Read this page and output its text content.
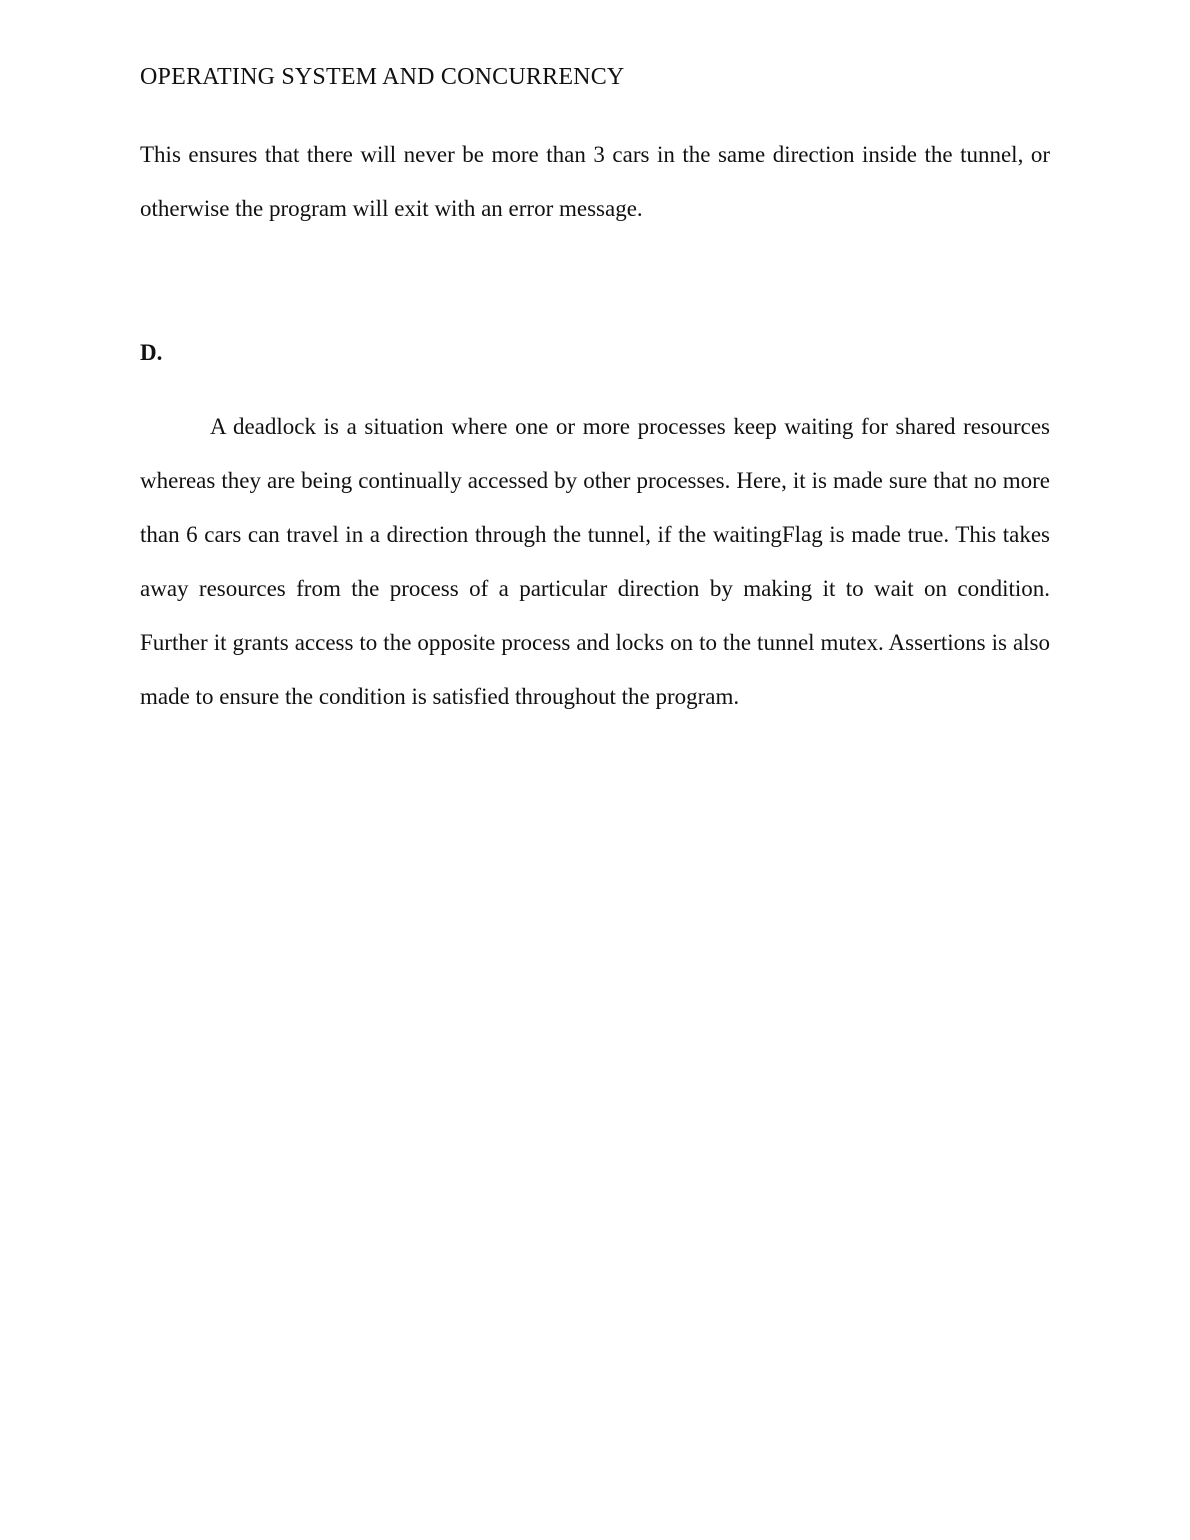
OPERATING SYSTEM AND CONCURRENCY

This ensures that there will never be more than 3 cars in the same direction inside the tunnel, or otherwise the program will exit with an error message.

D.

A deadlock is a situation where one or more processes keep waiting for shared resources whereas they are being continually accessed by other processes. Here, it is made sure that no more than 6 cars can travel in a direction through the tunnel, if the waitingFlag is made true. This takes away resources from the process of a particular direction by making it to wait on condition. Further it grants access to the opposite process and locks on to the tunnel mutex. Assertions is also made to ensure the condition is satisfied throughout the program.
